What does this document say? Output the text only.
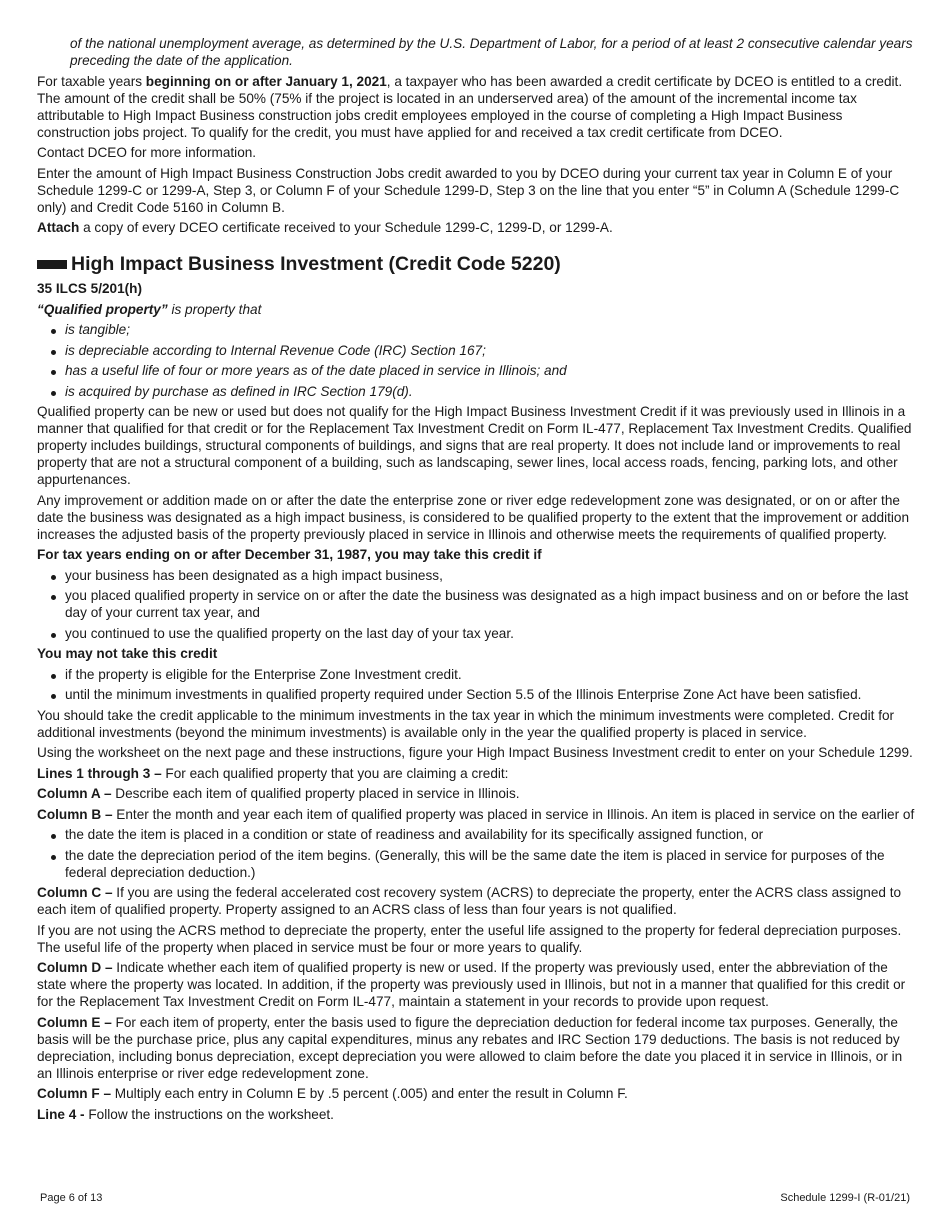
of the national unemployment average, as determined by the U.S. Department of Labor, for a period of at least 2 consecutive calendar years preceding the date of the application.

For taxable years beginning on or after January 1, 2021, a taxpayer who has been awarded a credit certificate by DCEO is entitled to a credit. The amount of the credit shall be 50% (75% if the project is located in an underserved area) of the amount of the incremental income tax attributable to High Impact Business construction jobs credit employees employed in the course of completing a High Impact Business construction jobs project. To qualify for the credit, you must have applied for and received a tax credit certificate from DCEO.

Contact DCEO for more information.

Enter the amount of High Impact Business Construction Jobs credit awarded to you by DCEO during your current tax year in Column E of your Schedule 1299-C or 1299-A, Step 3, or Column F of your Schedule 1299-D, Step 3 on the line that you enter “5” in Column A (Schedule 1299-C only) and Credit Code 5160 in Column B.

Attach a copy of every DCEO certificate received to your Schedule 1299-C, 1299-D, or 1299-A.

High Impact Business Investment (Credit Code 5220)

35 ILCS 5/201(h)

“Qualified property” is property that

is tangible;
is depreciable according to Internal Revenue Code (IRC) Section 167;
has a useful life of four or more years as of the date placed in service in Illinois; and
is acquired by purchase as defined in IRC Section 179(d).

Qualified property can be new or used but does not qualify for the High Impact Business Investment Credit if it was previously used in Illinois in a manner that qualified for that credit or for the Replacement Tax Investment Credit on Form IL-477, Replacement Tax Investment Credits. Qualified property includes buildings, structural components of buildings, and signs that are real property. It does not include land or improvements to real property that are not a structural component of a building, such as landscaping, sewer lines, local access roads, fencing, parking lots, and other appurtenances.

Any improvement or addition made on or after the date the enterprise zone or river edge redevelopment zone was designated, or on or after the date the business was designated as a high impact business, is considered to be qualified property to the extent that the improvement or addition increases the adjusted basis of the property previously placed in service in Illinois and otherwise meets the requirements of qualified property.

For tax years ending on or after December 31, 1987, you may take this credit if

your business has been designated as a high impact business,
you placed qualified property in service on or after the date the business was designated as a high impact business and on or before the last day of your current tax year, and
you continued to use the qualified property on the last day of your tax year.

You may not take this credit

if the property is eligible for the Enterprise Zone Investment credit.
until the minimum investments in qualified property required under Section 5.5 of the Illinois Enterprise Zone Act have been satisfied.

You should take the credit applicable to the minimum investments in the tax year in which the minimum investments were completed. Credit for additional investments (beyond the minimum investments) is available only in the year the qualified property is placed in service.

Using the worksheet on the next page and these instructions, figure your High Impact Business Investment credit to enter on your Schedule 1299.

Lines 1 through 3 – For each qualified property that you are claiming a credit:

Column A – Describe each item of qualified property placed in service in Illinois.

Column B – Enter the month and year each item of qualified property was placed in service in Illinois. An item is placed in service on the earlier of

the date the item is placed in a condition or state of readiness and availability for its specifically assigned function, or
the date the depreciation period of the item begins. (Generally, this will be the same date the item is placed in service for purposes of the federal depreciation deduction.)

Column C – If you are using the federal accelerated cost recovery system (ACRS) to depreciate the property, enter the ACRS class assigned to each item of qualified property. Property assigned to an ACRS class of less than four years is not qualified.

If you are not using the ACRS method to depreciate the property, enter the useful life assigned to the property for federal depreciation purposes. The useful life of the property when placed in service must be four or more years to qualify.

Column D – Indicate whether each item of qualified property is new or used. If the property was previously used, enter the abbreviation of the state where the property was located. In addition, if the property was previously used in Illinois, but not in a manner that qualified for this credit or for the Replacement Tax Investment Credit on Form IL-477, maintain a statement in your records to provide upon request.

Column E – For each item of property, enter the basis used to figure the depreciation deduction for federal income tax purposes. Generally, the basis will be the purchase price, plus any capital expenditures, minus any rebates and IRC Section 179 deductions. The basis is not reduced by depreciation, including bonus depreciation, except depreciation you were allowed to claim before the date you placed it in service in Illinois, or in an Illinois enterprise or river edge redevelopment zone.

Column F – Multiply each entry in Column E by .5 percent (.005) and enter the result in Column F.

Line 4 - Follow the instructions on the worksheet.

Page 6 of 13	Schedule 1299-I (R-01/21)
